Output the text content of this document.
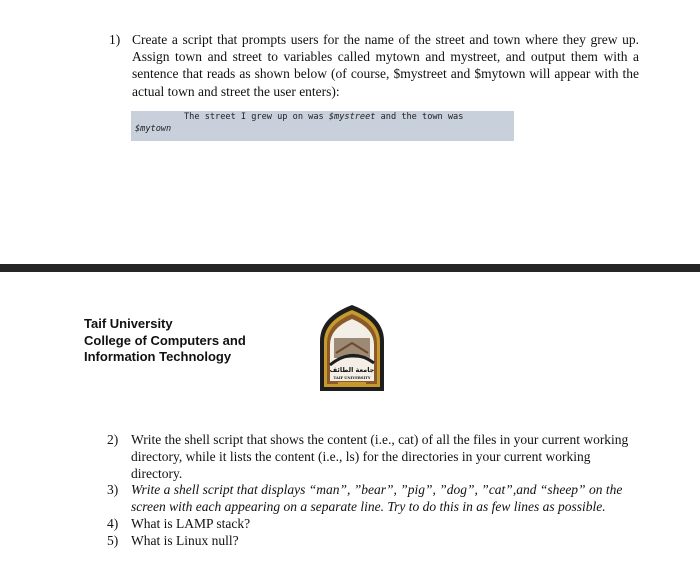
1) Create a script that prompts users for the name of the street and town where they grew up. Assign town and street to variables called mytown and mystreet, and output them with a sentence that reads as shown below (of course, $mystreet and $mytown will appear with the actual town and street the user enters):
The street I grew up on was $mystreet and the town was
$mytown
Taif University
College of Computers and
Information Technology
جامعة الطائف
TAIF UNIVERSITY
2) Write the shell script that shows the content (i.e., cat) of all the files in your current working directory, while it lists the content (i.e., ls) for the directories in your current working directory.
3) Write a shell script that displays “man”, ”bear”, ”pig”, ”dog”, ”cat”,and “sheep” on the screen with each appearing on a separate line. Try to do this in as few lines as possible.
4) What is LAMP stack?
5) What is Linux null?
